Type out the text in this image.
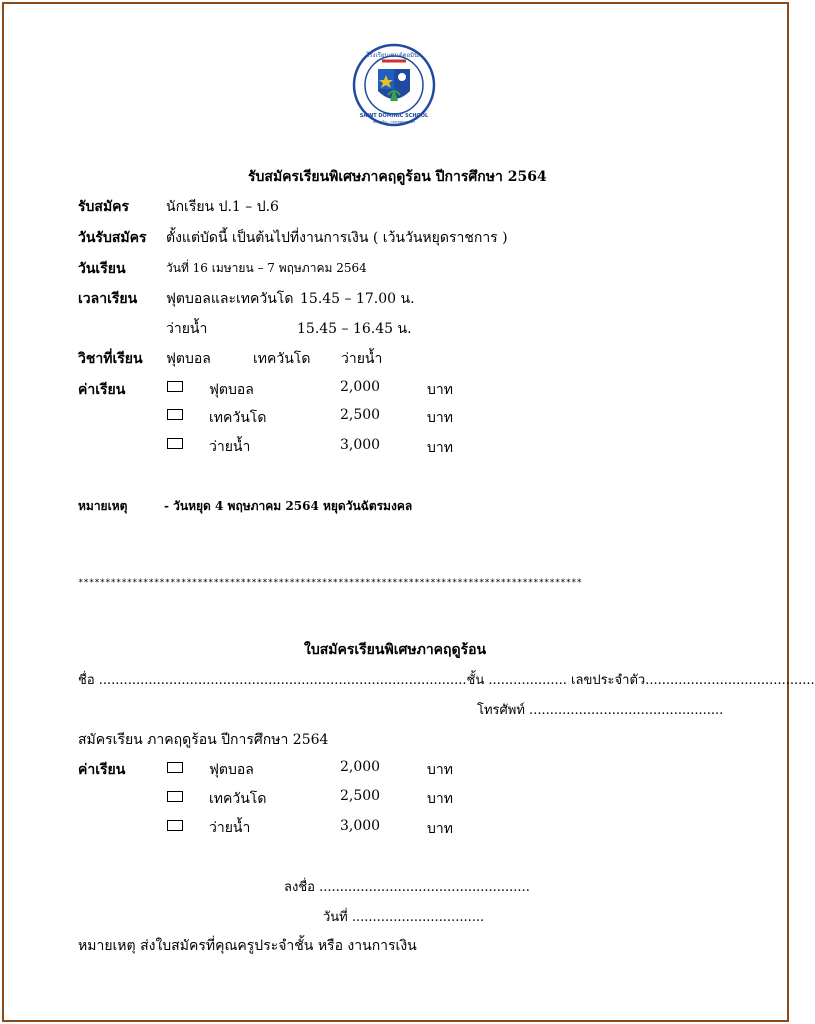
โรงเรียนเซนต์ดอมินิก
SAINT DOMINIC SCHOOL
เทพธาริน - กรุงเทพมหานคร
รับสมัครเรียนพิเศษภาคฤดูร้อน ปีการศึกษา 2564
รับสมัคร	นักเรียน ป.1 – ป.6
วันรับสมัคร ตั้งแต่บัดนี้ เป็นต้นไปที่งานการเงิน ( เว้นวันหยุดราชการ )
วันเรียน	วันที่ 16 เมษายน – 7 พฤษภาคม 2564
เวลาเรียน ฟุตบอลและเทควันโด 15.45 – 17.00 น.
ว่ายน้ำ	15.45 – 16.45 น.
วิชาที่เรียน ฟุตบอล	เทควันโด ว่ายน้ำ
ค่าเรียน	ฟุตบอล	2,000	บาท
เทควันโด	2,500	บาท
ว่ายน้ำ	3,000	บาท
หมายเหตุ	- วันหยุด 4 พฤษภาคม 2564 หยุดวันฉัตรมงคล
*********************************************************************************************
ใบสมัครเรียนพิเศษภาคฤดูร้อน
ชื่อ .........................................................................................ชั้น ................... เลขประจำตัว.........................................
โทรศัพท์ ...............................................
สมัครเรียน ภาคฤดูร้อน ปีการศึกษา 2564
ค่าเรียน	ฟุตบอล	2,000	บาท
เทควันโด	2,500	บาท
ว่ายน้ำ	3,000	บาท
ลงชื่อ ...................................................
วันที่ ................................
หมายเหตุ ส่งใบสมัครที่คุณครูประจำชั้น หรือ งานการเงิน
